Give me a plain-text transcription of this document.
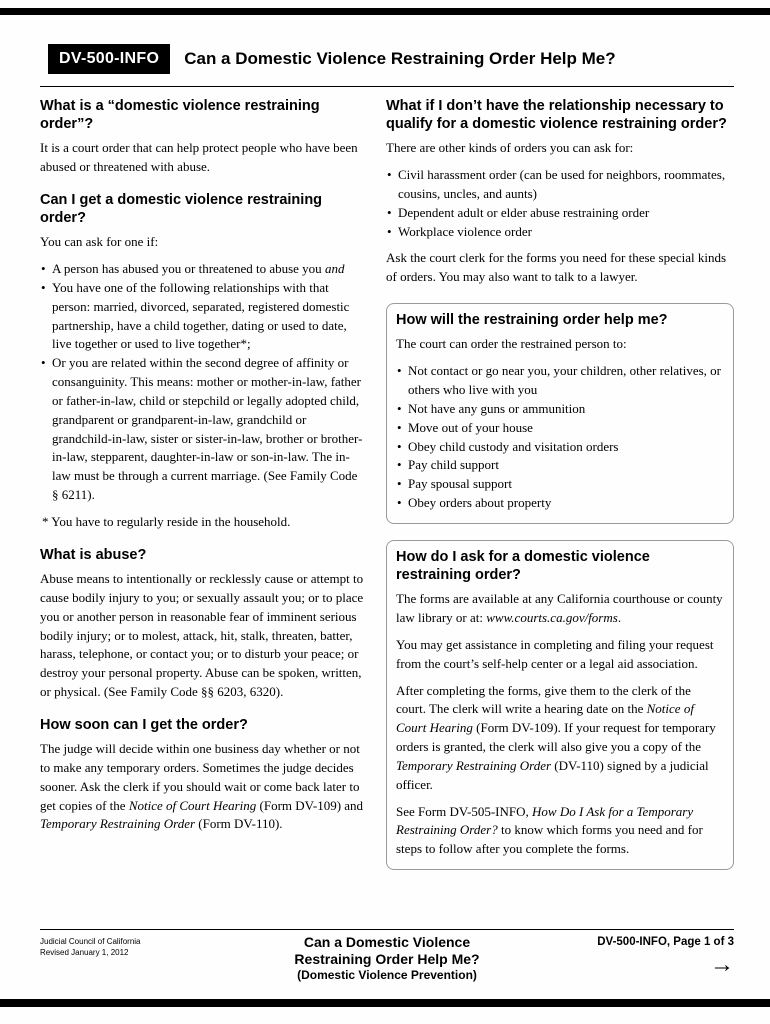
DV-500-INFO	Can a Domestic Violence Restraining Order Help Me?
What is a “domestic violence restraining order”?

It is a court order that can help protect people who have been abused or threatened with abuse.

Can I get a domestic violence restraining order?

You can ask for one if:

• A person has abused you or threatened to abuse you and
• You have one of the following relationships with that person: married, divorced, separated, registered domestic partnership, have a child together, dating or used to date, live together or used to live together*;
• Or you are related within the second degree of affinity or consanguinity. This means: mother or mother-in-law, father or father-in-law, child or stepchild or legally adopted child, grandparent or grandparent-in-law, grandchild or grandchild-in-law, sister or sister-in-law, brother or brother-in-law, stepparent, daughter-in-law or son-in-law. The in-law must be through a current marriage. (See Family Code § 6211).

* You have to regularly reside in the household.

What is abuse?

Abuse means to intentionally or recklessly cause or attempt to cause bodily injury to you; or sexually assault you; or to place you or another person in reasonable fear of imminent serious bodily injury; or to molest, attack, hit, stalk, threaten, batter, harass, telephone, or contact you; or to disturb your peace; or destroy your personal property. Abuse can be spoken, written, or physical. (See Family Code §§ 6203, 6320).

How soon can I get the order?

The judge will decide within one business day whether or not to make any temporary orders. Sometimes the judge decides sooner. Ask the clerk if you should wait or come back later to get copies of the Notice of Court Hearing (Form DV-109) and Temporary Restraining Order (Form DV-110).

What if I don’t have the relationship necessary to qualify for a domestic violence restraining order?

There are other kinds of orders you can ask for:

• Civil harassment order (can be used for neighbors, roommates, cousins, uncles, and aunts)
• Dependent adult or elder abuse restraining order
• Workplace violence order

Ask the court clerk for the forms you need for these special kinds of orders. You may also want to talk to a lawyer.

How will the restraining order help me?

The court can order the restrained person to:

• Not contact or go near you, your children, other relatives, or others who live with you
• Not have any guns or ammunition
• Move out of your house
• Obey child custody and visitation orders
• Pay child support
• Pay spousal support
• Obey orders about property
How do I ask for a domestic violence restraining order?

The forms are available at any California courthouse or county law library or at: www.courts.ca.gov/forms.

You may get assistance in completing and filing your request from the court’s self-help center or a legal aid association.

After completing the forms, give them to the clerk of the court. The clerk will write a hearing date on the Notice of Court Hearing (Form DV-109). If your request for temporary orders is granted, the clerk will also give you a copy of the Temporary Restraining Order (DV-110) signed by a judicial officer.

See Form DV-505-INFO, How Do I Ask for a Temporary Restraining Order? to know which forms you need and for steps to follow after you complete the forms.

Judicial Council of California
Revised January 1, 2012
Can a Domestic Violence
Restraining Order Help Me?
(Domestic Violence Prevention)
DV-500-INFO, Page 1 of 3
→
